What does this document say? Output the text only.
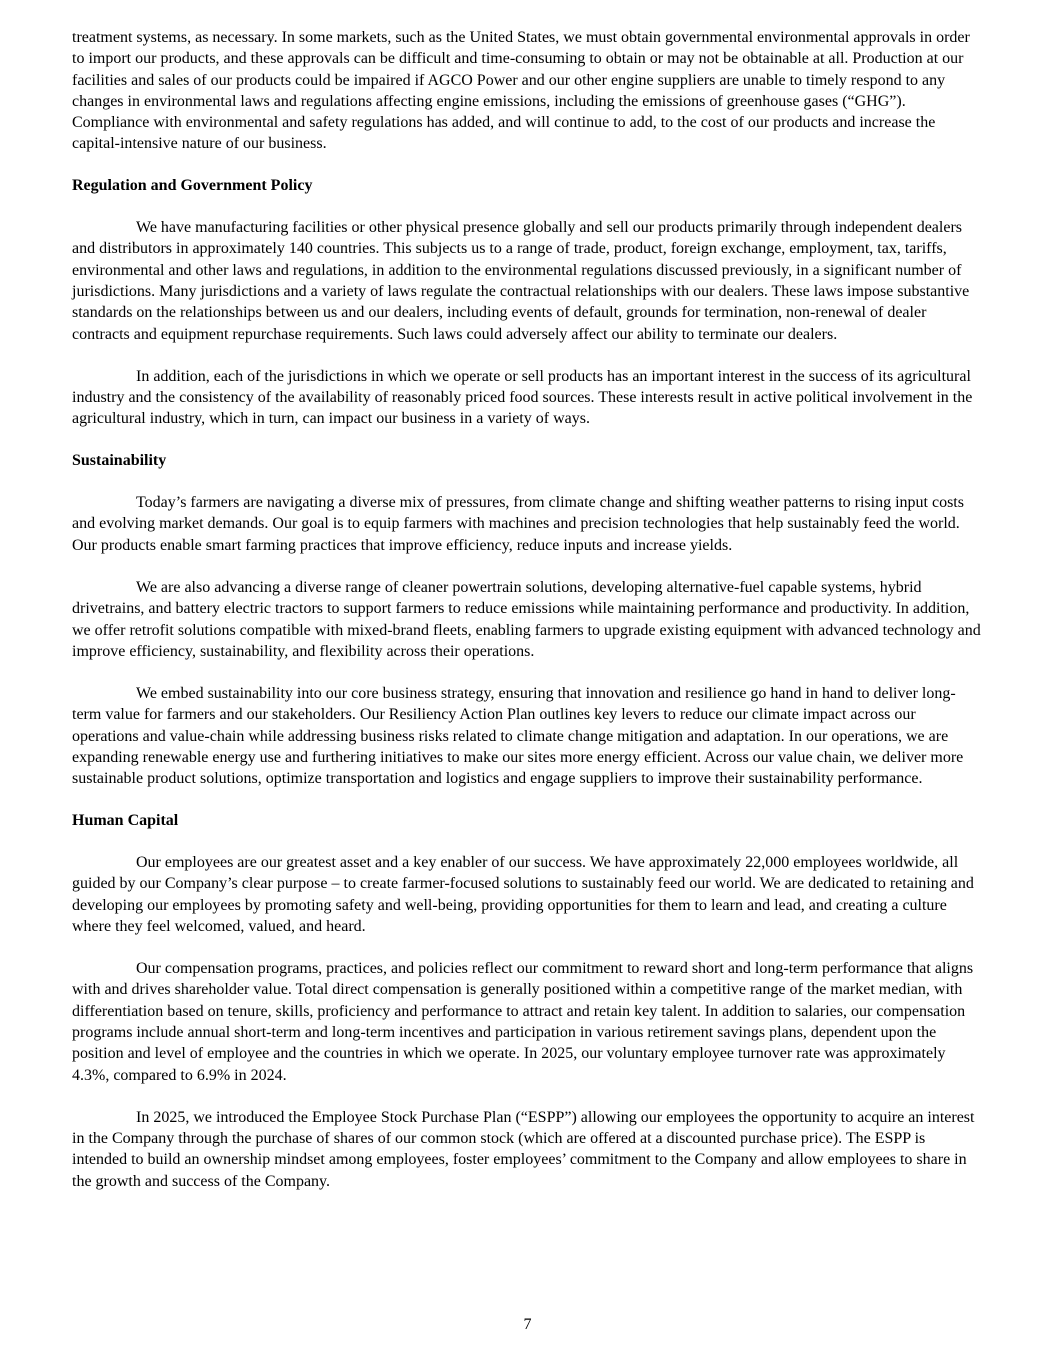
treatment systems, as necessary. In some markets, such as the United States, we must obtain governmental environmental approvals in order to import our products, and these approvals can be difficult and time-consuming to obtain or may not be obtainable at all. Production at our facilities and sales of our products could be impaired if AGCO Power and our other engine suppliers are unable to timely respond to any changes in environmental laws and regulations affecting engine emissions, including the emissions of greenhouse gases (“GHG”). Compliance with environmental and safety regulations has added, and will continue to add, to the cost of our products and increase the capital-intensive nature of our business.

Regulation and Government Policy

We have manufacturing facilities or other physical presence globally and sell our products primarily through independent dealers and distributors in approximately 140 countries. This subjects us to a range of trade, product, foreign exchange, employment, tax, tariffs, environmental and other laws and regulations, in addition to the environmental regulations discussed previously, in a significant number of jurisdictions. Many jurisdictions and a variety of laws regulate the contractual relationships with our dealers. These laws impose substantive standards on the relationships between us and our dealers, including events of default, grounds for termination, non-renewal of dealer contracts and equipment repurchase requirements. Such laws could adversely affect our ability to terminate our dealers.

In addition, each of the jurisdictions in which we operate or sell products has an important interest in the success of its agricultural industry and the consistency of the availability of reasonably priced food sources. These interests result in active political involvement in the agricultural industry, which in turn, can impact our business in a variety of ways.

Sustainability

Today’s farmers are navigating a diverse mix of pressures, from climate change and shifting weather patterns to rising input costs and evolving market demands. Our goal is to equip farmers with machines and precision technologies that help sustainably feed the world. Our products enable smart farming practices that improve efficiency, reduce inputs and increase yields.

We are also advancing a diverse range of cleaner powertrain solutions, developing alternative-fuel capable systems, hybrid drivetrains, and battery electric tractors to support farmers to reduce emissions while maintaining performance and productivity. In addition, we offer retrofit solutions compatible with mixed-brand fleets, enabling farmers to upgrade existing equipment with advanced technology and improve efficiency, sustainability, and flexibility across their operations.

We embed sustainability into our core business strategy, ensuring that innovation and resilience go hand in hand to deliver long-term value for farmers and our stakeholders. Our Resiliency Action Plan outlines key levers to reduce our climate impact across our operations and value-chain while addressing business risks related to climate change mitigation and adaptation. In our operations, we are expanding renewable energy use and furthering initiatives to make our sites more energy efficient. Across our value chain, we deliver more sustainable product solutions, optimize transportation and logistics and engage suppliers to improve their sustainability performance.

Human Capital

Our employees are our greatest asset and a key enabler of our success. We have approximately 22,000 employees worldwide, all guided by our Company’s clear purpose – to create farmer-focused solutions to sustainably feed our world. We are dedicated to retaining and developing our employees by promoting safety and well-being, providing opportunities for them to learn and lead, and creating a culture where they feel welcomed, valued, and heard.

Our compensation programs, practices, and policies reflect our commitment to reward short and long-term performance that aligns with and drives shareholder value. Total direct compensation is generally positioned within a competitive range of the market median, with differentiation based on tenure, skills, proficiency and performance to attract and retain key talent. In addition to salaries, our compensation programs include annual short-term and long-term incentives and participation in various retirement savings plans, dependent upon the position and level of employee and the countries in which we operate. In 2025, our voluntary employee turnover rate was approximately 4.3%, compared to 6.9% in 2024.

In 2025, we introduced the Employee Stock Purchase Plan (“ESPP”) allowing our employees the opportunity to acquire an interest in the Company through the purchase of shares of our common stock (which are offered at a discounted purchase price). The ESPP is intended to build an ownership mindset among employees, foster employees’ commitment to the Company and allow employees to share in the growth and success of the Company.

7
